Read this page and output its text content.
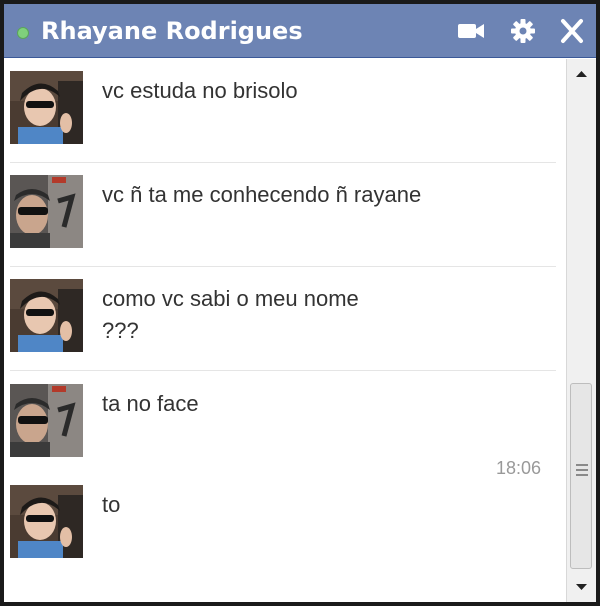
Rhayane Rodrigues
vc estuda no brisolo
vc ñ ta me conhecendo ñ rayane
como vc sabi o meu nome
???
ta no face
18:06
to
